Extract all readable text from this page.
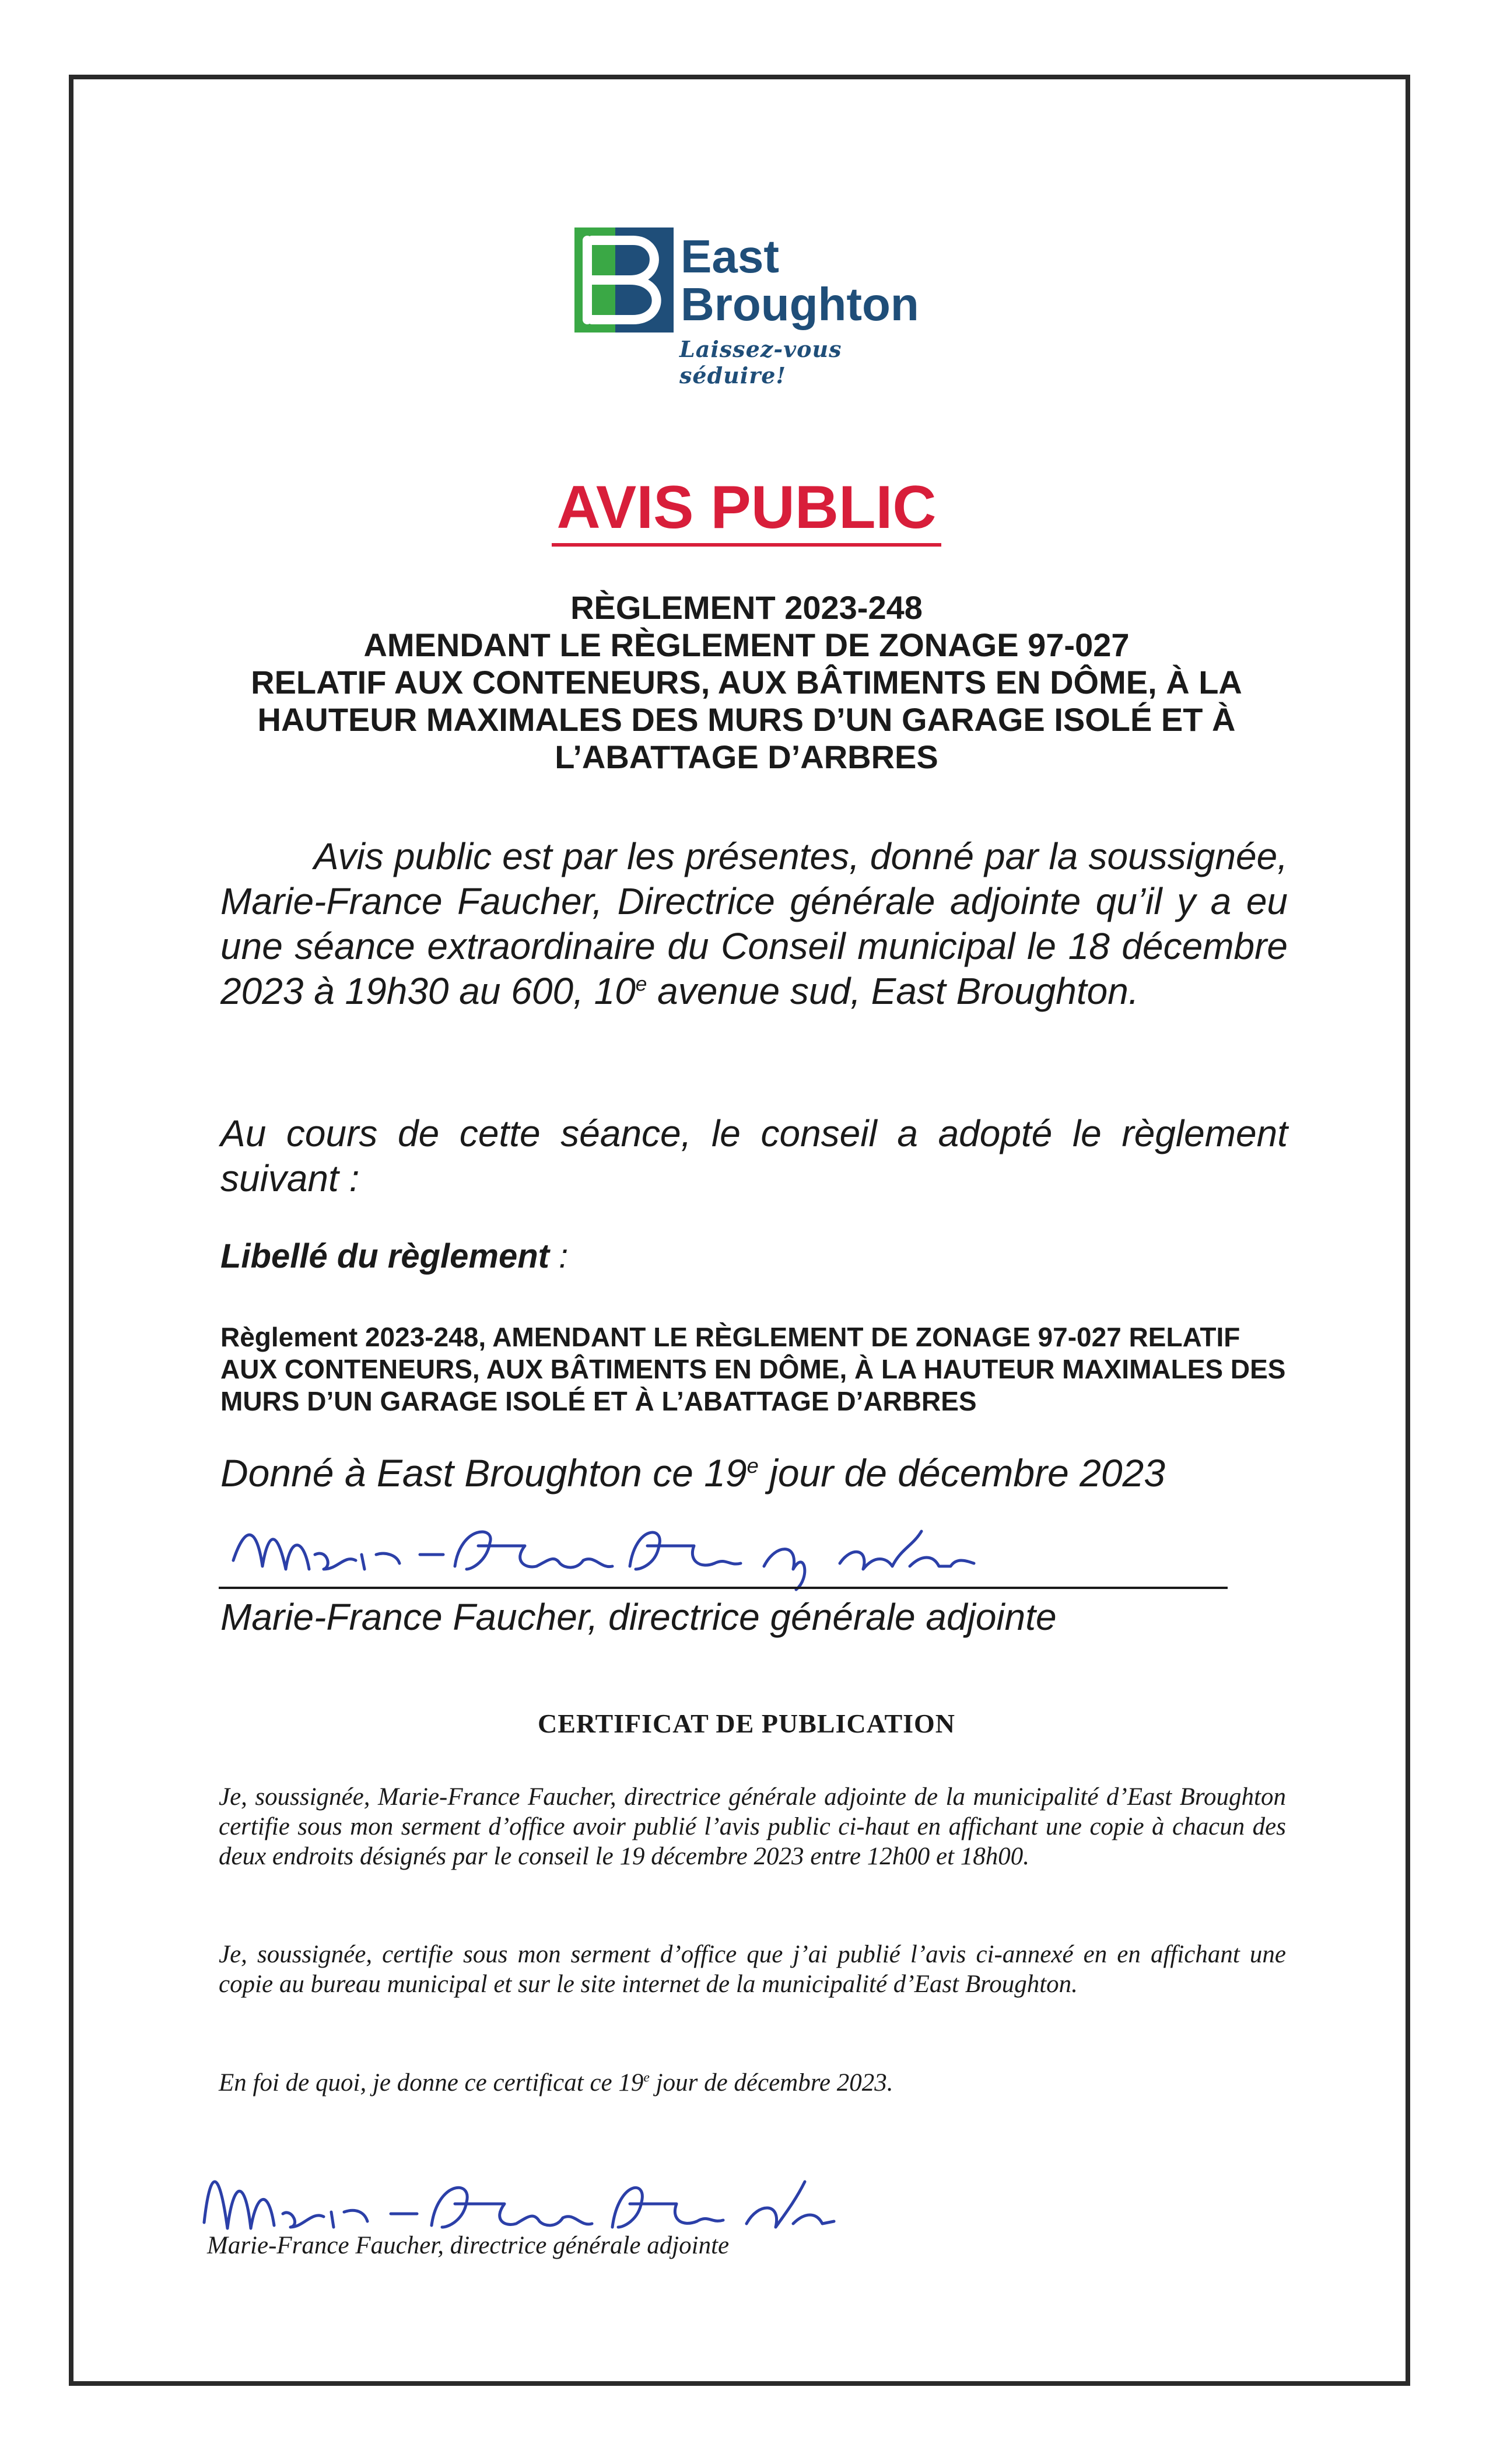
East
Broughton
Laissez-vous séduire!
AVIS PUBLIC
RÈGLEMENT 2023-248
AMENDANT LE RÈGLEMENT DE ZONAGE 97-027
RELATIF AUX CONTENEURS, AUX BÂTIMENTS EN DÔME, À LA
HAUTEUR MAXIMALES DES MURS D’UN GARAGE ISOLÉ ET À
L’ABATTAGE D’ARBRES
Avis public est par les présentes, donné par la soussignée, Marie-France Faucher, Directrice générale adjointe qu’il y a eu une séance extraordinaire du Conseil municipal le 18 décembre 2023 à 19h30 au 600, 10e avenue sud, East Broughton.
Au cours de cette séance, le conseil a adopté le règlement suivant :
Libellé du règlement :
Règlement 2023-248, AMENDANT LE RÈGLEMENT DE ZONAGE 97-027 RELATIF AUX CONTENEURS, AUX BÂTIMENTS EN DÔME, À LA HAUTEUR MAXIMALES DES MURS D’UN GARAGE ISOLÉ ET À L’ABATTAGE D’ARBRES
Donné à East Broughton ce 19e jour de décembre 2023
Marie-France Faucher, directrice générale adjointe
CERTIFICAT DE PUBLICATION
Je, soussignée, Marie-France Faucher, directrice générale adjointe de la municipalité d’East Broughton certifie sous mon serment d’office avoir publié l’avis public ci-haut en affichant une copie à chacun des deux endroits désignés par le conseil le 19 décembre 2023 entre 12h00 et 18h00.
Je, soussignée, certifie sous mon serment d’office que j’ai publié l’avis ci-annexé en en affichant une copie au bureau municipal et sur le site internet de la municipalité d’East Broughton.
En foi de quoi, je donne ce certificat ce 19e jour de décembre 2023.
Marie-France Faucher, directrice générale adjointe
